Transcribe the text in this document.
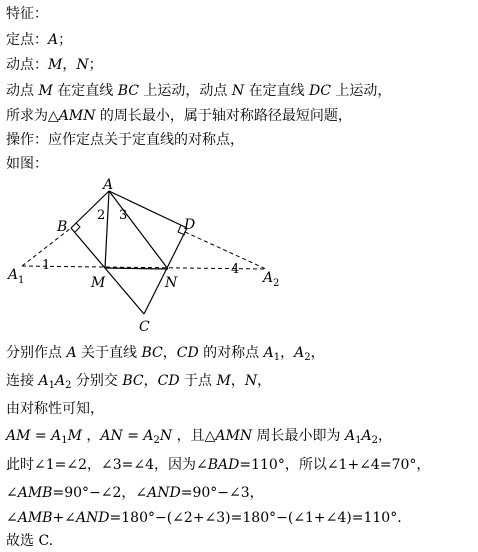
特征：
定点：A；
动点：M，N；
动点 M 在定直线 BC 上运动，动点 N 在定直线 DC 上运动，
所求为△AMN 的周长最小，属于轴对称路径最短问题，
操作：应作定点关于定直线的对称点，
如图：
A
B	D
M	N
C
A 1	A 2
1
2 3
4
分别作点 A 关于直线 BC，CD 的对称点 $A_1$，$A_2$，
连接 $A_1A_2$ 分别交 BC，CD 于点 M，N，
由对称性可知，
AM = $A_1M$ ，AN = $A_2N$ ，且△AMN 周长最小即为 $A_1A_2$，
此时∠1=∠2，∠3=∠4，因为∠BAD=110°，所以∠1+∠4=70°，
∠AMB=90°−∠2，∠AND=90°−∠3，
∠AMB+∠AND=180°−(∠2+∠3)=180°−(∠1+∠4)=110°.
故选 C.
